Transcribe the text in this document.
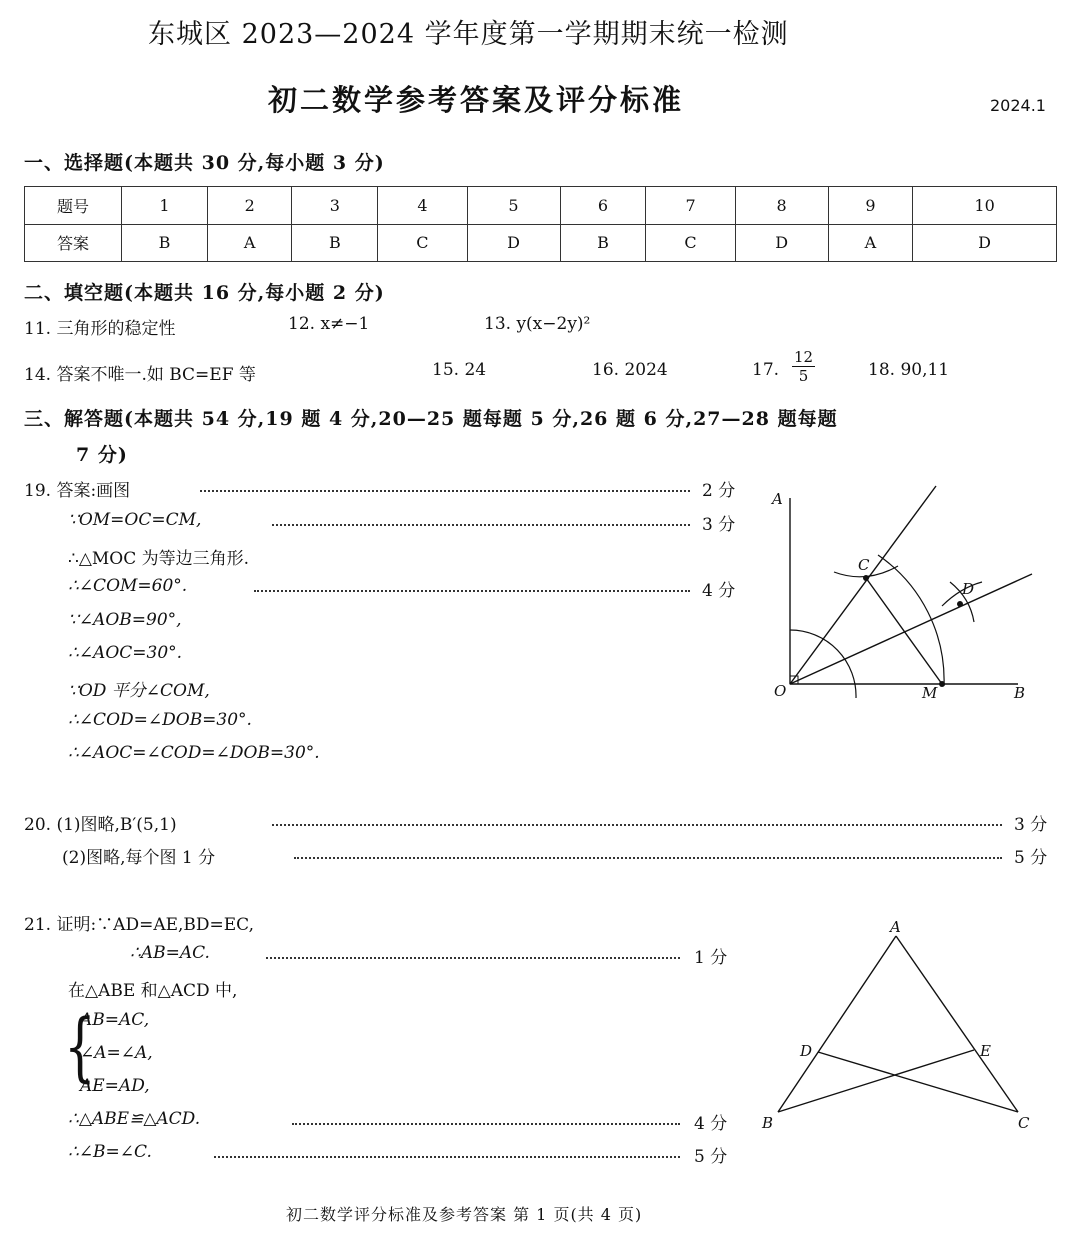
东城区 2023—2024 学年度第一学期期末统一检测
初二数学参考答案及评分标准	2024.1
一、选择题(本题共 30 分,每小题 3 分)
题号	1	2	3	4	5	6	7	8	9	10
答案	B	A	B	C	D	B	C	D	A	D
二、填空题(本题共 16 分,每小题 2 分)
11. 三角形的稳定性	12. x≠−1	13. y(x−2y)²
14. 答案不唯一.如 BC=EF 等	15. 24	16. 2024	17. $\frac{12}{5}$	18. 90,11
三、解答题(本题共 54 分,19 题 4 分,20—25 题每题 5 分,26 题 6 分,27—28 题每题
7 分)
19. 答案:画图	2 分
∵OM=OC=CM,	3 分
∴△MOC 为等边三角形.
∴∠COM=60°.	4 分
∵∠AOB=90°,
∴∠AOC=30°.
∵OD 平分∠COM,
∴∠COD=∠DOB=30°.
∴∠AOC=∠COD=∠DOB=30°.
A
C
D
O	M	B
20. (1)图略,B′(5,1)	3 分
(2)图略,每个图 1 分	5 分
21. 证明:∵AD=AE,BD=EC,
∴AB=AC.	1 分
在△ABE 和△ACD 中,
{
AB=AC,
∠A=∠A,
AE=AD,
∴△ABE≌△ACD.	4 分
∴∠B=∠C.	5 分
A
D	E
B	C
初二数学评分标准及参考答案 第 1 页(共 4 页)
